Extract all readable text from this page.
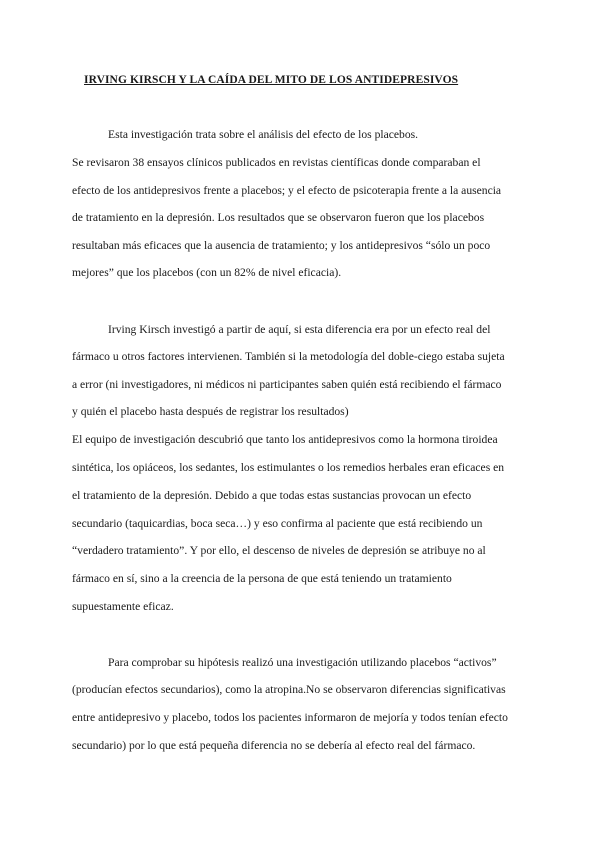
IRVING KIRSCH Y LA CAÍDA DEL MITO DE LOS ANTIDEPRESIVOS
Esta investigación trata sobre el análisis del efecto de los placebos.
Se revisaron 38 ensayos clínicos publicados en revistas científicas donde comparaban el
efecto de los antidepresivos frente a placebos; y el efecto de psicoterapia frente a la ausencia
de tratamiento en la depresión. Los resultados que se observaron fueron que los placebos
resultaban más eficaces que la ausencia de tratamiento; y los antidepresivos “sólo un poco
mejores” que los placebos (con un 82% de nivel eficacia).
Irving Kirsch investigó a partir de aquí, si esta diferencia era por un efecto real del
fármaco u otros factores intervienen. También si la metodología del doble-ciego estaba sujeta
a error (ni investigadores, ni médicos ni participantes saben quién está recibiendo el fármaco
y quién el placebo hasta después de registrar los resultados)
El equipo de investigación descubrió que tanto los antidepresivos como la hormona tiroidea
sintética, los opiáceos, los sedantes, los estimulantes o los remedios herbales eran eficaces en
el tratamiento de la depresión. Debido a que todas estas sustancias provocan un efecto
secundario (taquicardias, boca seca…) y eso confirma al paciente que está recibiendo un
“verdadero tratamiento”. Y por ello, el descenso de niveles de depresión se atribuye no al
fármaco en sí, sino a la creencia de la persona de que está teniendo un tratamiento
supuestamente eficaz.
Para comprobar su hipótesis realizó una investigación utilizando placebos “activos”
(producían efectos secundarios), como la atropina.No se observaron diferencias significativas
entre antidepresivo y placebo, todos los pacientes informaron de mejoría y todos tenían efecto
secundario) por lo que está pequeña diferencia no se debería al efecto real del fármaco.
